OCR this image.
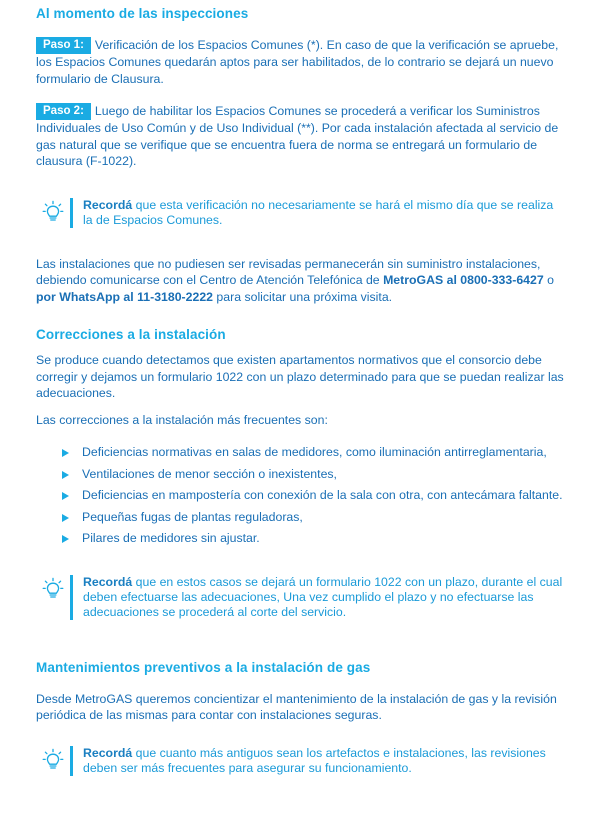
Al momento de las inspecciones

Paso 1: Verificación de los Espacios Comunes (*). En caso de que la verificación se apruebe, los Espacios Comunes quedarán aptos para ser habilitados, de lo contrario se dejará un nuevo formulario de Clausura.

Paso 2: Luego de habilitar los Espacios Comunes se procederá a verificar los Suministros Individuales de Uso Común y de Uso Individual (**). Por cada instalación afectada al servicio de gas natural que se verifique que se encuentra fuera de norma se entregará un formulario de clausura (F-1022).

Recordá que esta verificación no necesariamente se hará el mismo día que se realiza la de Espacios Comunes.

Las instalaciones que no pudiesen ser revisadas permanecerán sin suministro instalaciones, debiendo comunicarse con el Centro de Atención Telefónica de MetroGAS al 0800-333-6427 o por WhatsApp al 11-3180-2222 para solicitar una próxima visita.

Correcciones a la instalación

Se produce cuando detectamos que existen apartamentos normativos que el consorcio debe corregir y dejamos un formulario 1022 con un plazo determinado para que se puedan realizar las adecuaciones.

Las correcciones a la instalación más frecuentes son:

Deficiencias normativas en salas de medidores, como iluminación antirreglamentaria,
Ventilaciones de menor sección o inexistentes,
Deficiencias en mampostería con conexión de la sala con otra, con antecámara faltante.
Pequeñas fugas de plantas reguladoras,
Pilares de medidores sin ajustar.
Recordá que en estos casos se dejará un formulario 1022 con un plazo, durante el cual deben efectuarse las adecuaciones, Una vez cumplido el plazo y no efectuarse las adecuaciones se procederá al corte del servicio.
Mantenimientos preventivos a la instalación de gas

Desde MetroGAS queremos concientizar el mantenimiento de la instalación de gas y la revisión periódica de las mismas para contar con instalaciones seguras.

Recordá que cuanto más antiguos sean los artefactos e instalaciones, las revisiones deben ser más frecuentes para asegurar su funcionamiento.
